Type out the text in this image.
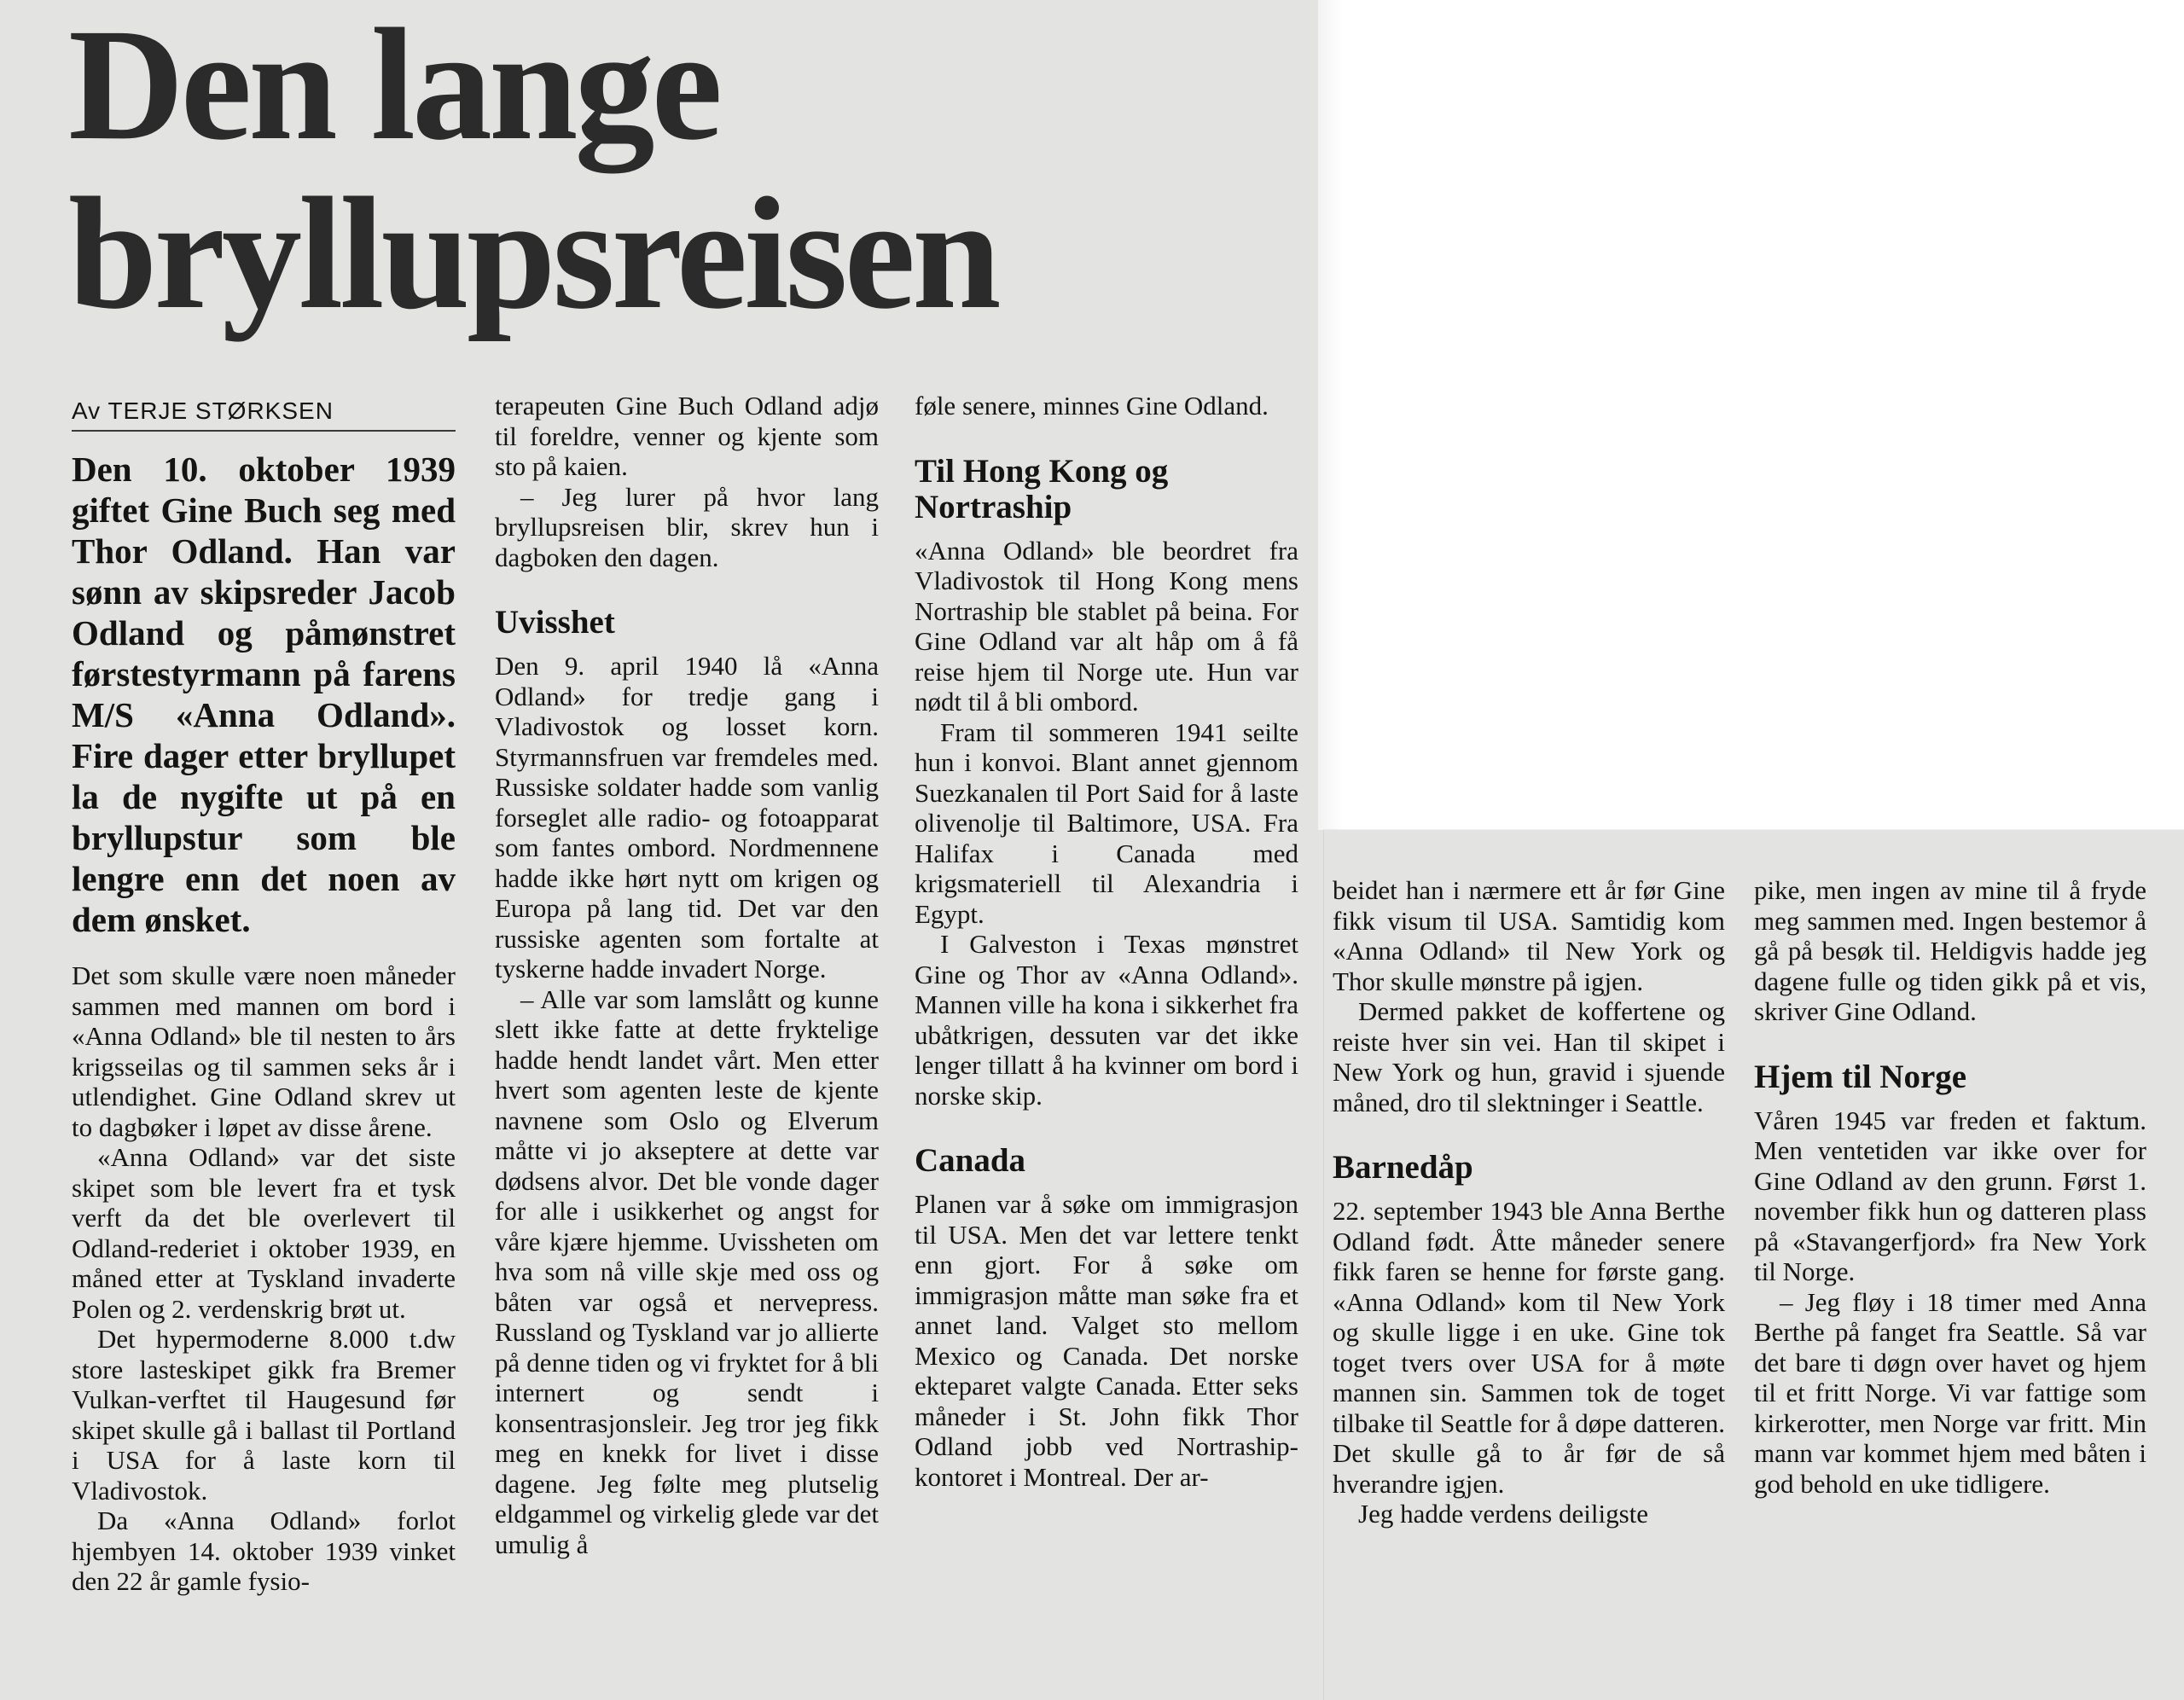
Den lange
bryllupsreisen
Av TERJE STØRKSEN

Den 10. oktober 1939 giftet Gine Buch seg med Thor Odland. Han var sønn av skipsreder Jacob Odland og påmønstret førstestyrmann på farens M/S «Anna Odland». Fire dager etter bryllupet la de nygifte ut på en bryllupstur som ble lengre enn det noen av dem ønsket.

Det som skulle være noen måneder sammen med mannen om bord i «Anna Odland» ble til nesten to års krigsseilas og til sammen seks år i utlendighet. Gine Odland skrev ut to dagbøker i løpet av disse årene.

«Anna Odland» var det siste skipet som ble levert fra et tysk verft da det ble overlevert til Odland-rederiet i oktober 1939, en måned etter at Tyskland invaderte Polen og 2. verdenskrig brøt ut.

Det hypermoderne 8.000 t.dw store lasteskipet gikk fra Bremer Vulkan-verftet til Haugesund før skipet skulle gå i ballast til Portland i USA for å laste korn til Vladivostok.

Da «Anna Odland» forlot hjembyen 14. oktober 1939 vinket den 22 år gamle fysio-

terapeuten Gine Buch Odland adjø til foreldre, venner og kjente som sto på kaien.

– Jeg lurer på hvor lang bryllupsreisen blir, skrev hun i dagboken den dagen.

Uvisshet

Den 9. april 1940 lå «Anna Odland» for tredje gang i Vladivostok og losset korn. Styrmannsfruen var fremdeles med. Russiske soldater hadde som vanlig forseglet alle radio- og fotoapparat som fantes ombord. Nordmennene hadde ikke hørt nytt om krigen og Europa på lang tid. Det var den russiske agenten som fortalte at tyskerne hadde invadert Norge.

– Alle var som lamslått og kunne slett ikke fatte at dette fryktelige hadde hendt landet vårt. Men etter hvert som agenten leste de kjente navnene som Oslo og Elverum måtte vi jo akseptere at dette var dødsens alvor. Det ble vonde dager for alle i usikkerhet og angst for våre kjære hjemme. Uvissheten om hva som nå ville skje med oss og båten var også et nervepress. Russland og Tyskland var jo allierte på denne tiden og vi fryktet for å bli internert og sendt i konsentrasjonsleir. Jeg tror jeg fikk meg en knekk for livet i disse dagene. Jeg følte meg plutselig eldgammel og virkelig glede var det umulig å

føle senere, minnes Gine Odland.

Til Hong Kong og Nortraship

«Anna Odland» ble beordret fra Vladivostok til Hong Kong mens Nortraship ble stablet på beina. For Gine Odland var alt håp om å få reise hjem til Norge ute. Hun var nødt til å bli ombord.

Fram til sommeren 1941 seilte hun i konvoi. Blant annet gjennom Suezkanalen til Port Said for å laste olivenolje til Baltimore, USA. Fra Halifax i Canada med krigsmateriell til Alexandria i Egypt.

I Galveston i Texas mønstret Gine og Thor av «Anna Odland». Mannen ville ha kona i sikkerhet fra ubåtkrigen, dessuten var det ikke lenger tillatt å ha kvinner om bord i norske skip.

Canada

Planen var å søke om immigrasjon til USA. Men det var lettere tenkt enn gjort. For å søke om immigrasjon måtte man søke fra et annet land. Valget sto mellom Mexico og Canada. Det norske ekteparet valgte Canada. Etter seks måneder i St. John fikk Thor Odland jobb ved Nortraship-kontoret i Montreal. Der ar-

beidet han i nærmere ett år før Gine fikk visum til USA. Samtidig kom «Anna Odland» til New York og Thor skulle mønstre på igjen.

Dermed pakket de koffertene og reiste hver sin vei. Han til skipet i New York og hun, gravid i sjuende måned, dro til slektninger i Seattle.

Barnedåp

22. september 1943 ble Anna Berthe Odland født. Åtte måneder senere fikk faren se henne for første gang. «Anna Odland» kom til New York og skulle ligge i en uke. Gine tok toget tvers over USA for å møte mannen sin. Sammen tok de toget tilbake til Seattle for å døpe datteren. Det skulle gå to år før de så hverandre igjen.

Jeg hadde verdens deiligste

pike, men ingen av mine til å fryde meg sammen med. Ingen bestemor å gå på besøk til. Heldigvis hadde jeg dagene fulle og tiden gikk på et vis, skriver Gine Odland.

Hjem til Norge

Våren 1945 var freden et faktum. Men ventetiden var ikke over for Gine Odland av den grunn. Først 1. november fikk hun og datteren plass på «Stavangerfjord» fra New York til Norge.

– Jeg fløy i 18 timer med Anna Berthe på fanget fra Seattle. Så var det bare ti døgn over havet og hjem til et fritt Norge. Vi var fattige som kirkerotter, men Norge var fritt. Min mann var kommet hjem med båten i god behold en uke tidligere.
